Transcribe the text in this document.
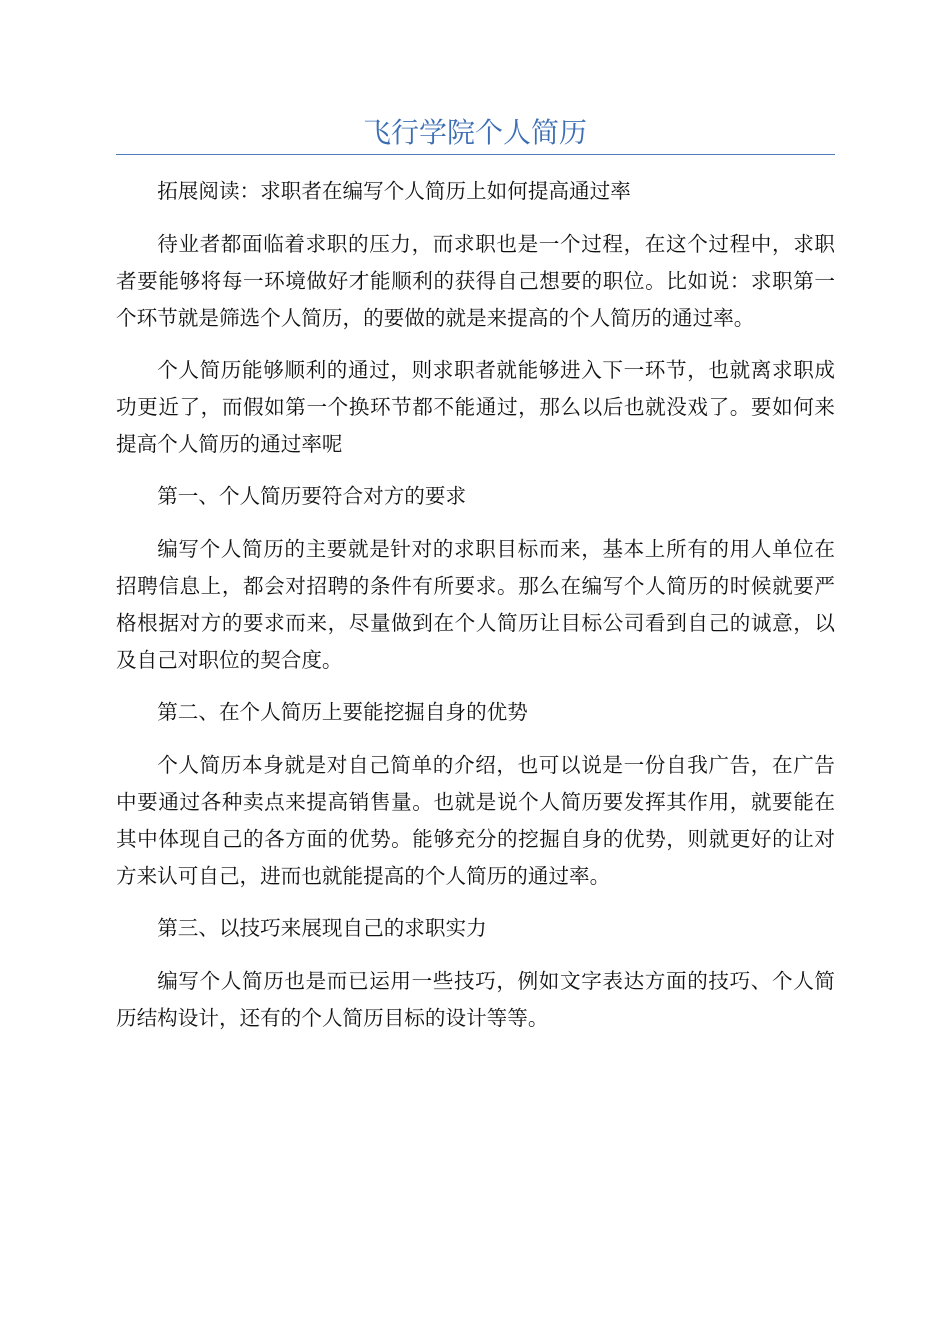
飞行学院个人简历

拓展阅读：求职者在编写个人简历上如何提高通过率

待业者都面临着求职的压力，而求职也是一个过程，在这个过程中，求职者要能够将每一环境做好才能顺利的获得自己想要的职位。比如说：求职第一个环节就是筛选个人简历，的要做的就是来提高的个人简历的通过率。

个人简历能够顺利的通过，则求职者就能够进入下一环节，也就离求职成功更近了，而假如第一个换环节都不能通过，那么以后也就没戏了。要如何来提高个人简历的通过率呢

第一、个人简历要符合对方的要求

编写个人简历的主要就是针对的求职目标而来，基本上所有的用人单位在招聘信息上，都会对招聘的条件有所要求。那么在编写个人简历的时候就要严格根据对方的要求而来，尽量做到在个人简历让目标公司看到自己的诚意，以及自己对职位的契合度。

第二、在个人简历上要能挖掘自身的优势

个人简历本身就是对自己简单的介绍，也可以说是一份自我广告，在广告中要通过各种卖点来提高销售量。也就是说个人简历要发挥其作用，就要能在其中体现自己的各方面的优势。能够充分的挖掘自身的优势，则就更好的让对方来认可自己，进而也就能提高的个人简历的通过率。

第三、以技巧来展现自己的求职实力

编写个人简历也是而已运用一些技巧，例如文字表达方面的技巧、个人简历结构设计，还有的个人简历目标的设计等等。
